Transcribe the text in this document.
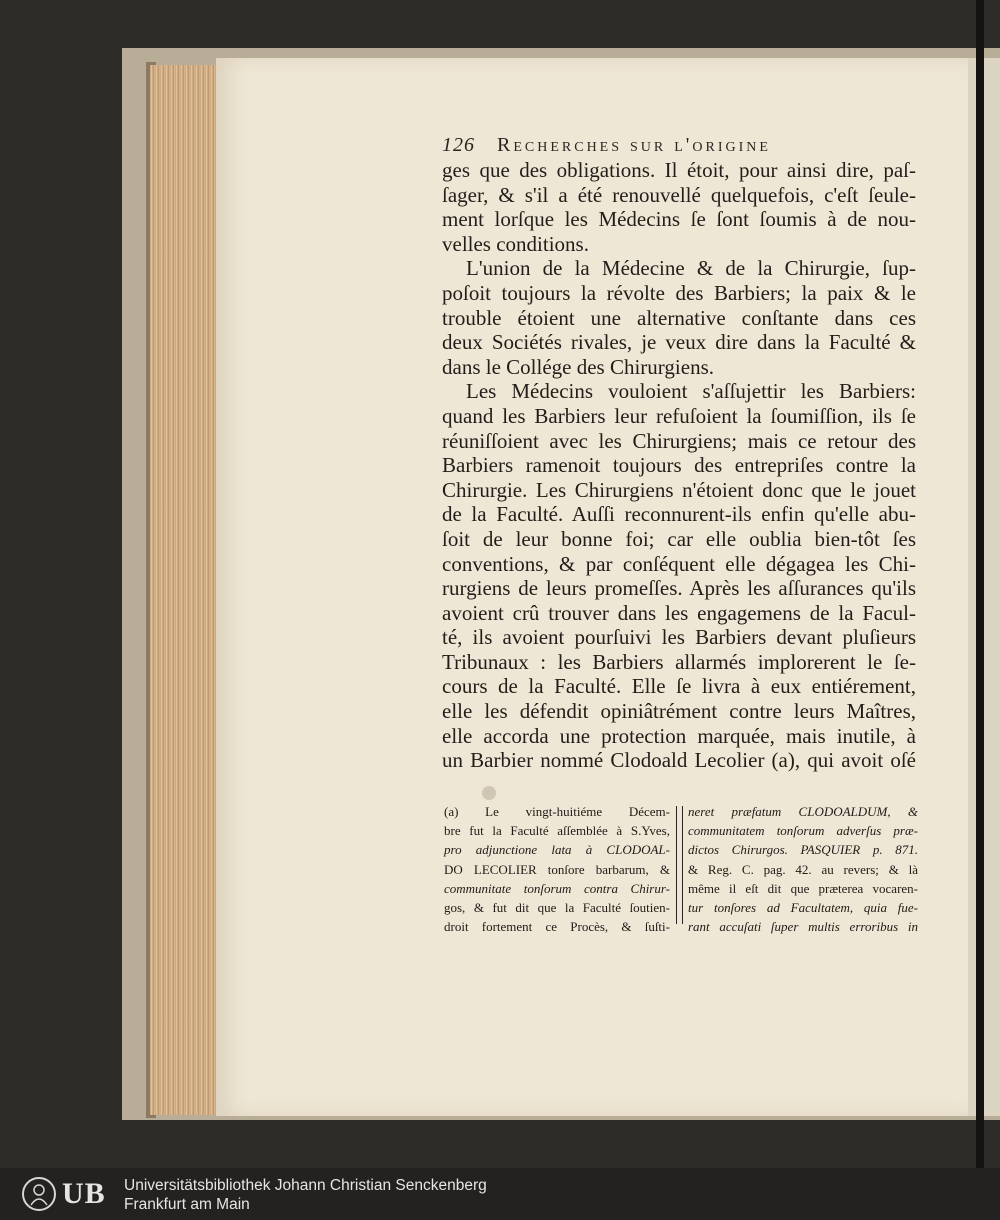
126 Recherches sur l'origine
ges que des obligations. Il étoit, pour ainsi dire, paſ-
ſager, & s'il a été renouvellé quelquefois, c'eſt ſeule-
ment lorſque les Médecins ſe ſont ſoumis à de nou-
velles conditions.
L'union de la Médecine & de la Chirurgie, ſup-
poſoit toujours la révolte des Barbiers; la paix & le
trouble étoient une alternative conſtante dans ces
deux Sociétés rivales, je veux dire dans la Faculté &
dans le Collége des Chirurgiens.
Les Médecins vouloient s'aſſujettir les Barbiers:
quand les Barbiers leur refuſoient la ſoumiſſion, ils ſe
réuniſſoient avec les Chirurgiens; mais ce retour des
Barbiers ramenoit toujours des entrepriſes contre la
Chirurgie. Les Chirurgiens n'étoient donc que le jouet
de la Faculté. Auſſi reconnurent-ils enfin qu'elle abu-
ſoit de leur bonne foi; car elle oublia bien-tôt ſes
conventions, & par conſéquent elle dégagea les Chi-
rurgiens de leurs promeſſes. Après les aſſurances qu'ils
avoient crû trouver dans les engagemens de la Facul-
té, ils avoient pourſuivi les Barbiers devant pluſieurs
Tribunaux : les Barbiers allarmés implorerent le ſe-
cours de la Faculté. Elle ſe livra à eux entiérement,
elle les défendit opiniâtrément contre leurs Maîtres,
elle accorda une protection marquée, mais inutile, à
un Barbier nommé Clodoald Lecolier (a), qui avoit oſé
(a) Le vingt-huitiéme Décem-
bre fut la Faculté aſſemblée à S.Yves,
pro adjunctione lata à CLODOAL-
DO LECOLIER tonſore barbarum, &
communitate tonſorum contra Chirur-
gos, & fut dit que la Faculté ſoutien-
droit fortement ce Procès, & ſuſti-
neret præfatum CLODOALDUM, &
communitatem tonſorum adverſus præ-
dictos Chirurgos. PASQUIER p. 871.
& Reg. C. pag. 42. au revers; & là
même il eſt dit que præterea vocaren-
tur tonſores ad Facultatem, quia fue-
rant accuſati ſuper multis erroribus in
UB Universitätsbibliothek Johann Christian Senckenberg
Frankfurt am Main
